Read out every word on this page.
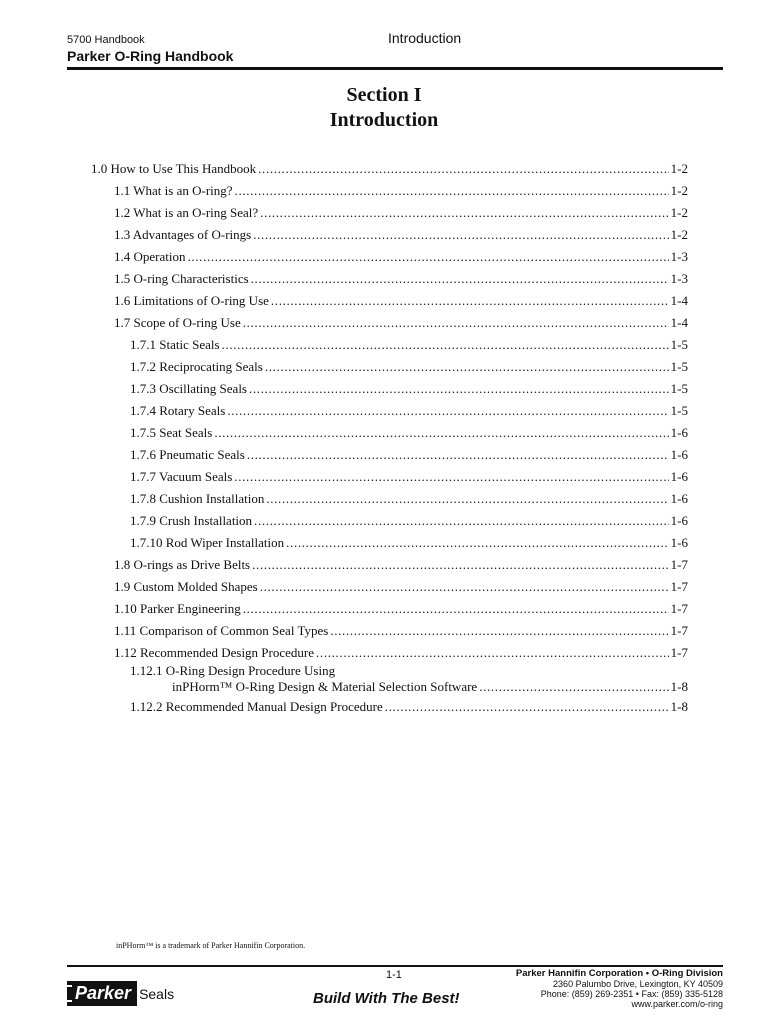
5700 Handbook	Introduction
Parker O-Ring Handbook
Section I
Introduction
1.0 How to Use This Handbook . . .	1-2
1.1 What is an O-ring? . . .	1-2
1.2 What is an O-ring Seal? . . .	1-2
1.3 Advantages of O-rings . . .	1-2
1.4 Operation . . .	1-3
1.5 O-ring Characteristics . . .	1-3
1.6 Limitations of O-ring Use . . .	1-4
1.7 Scope of O-ring Use . . .	1-4
1.7.1 Static Seals . . .	1-5
1.7.2 Reciprocating Seals . . .	1-5
1.7.3 Oscillating Seals . . .	1-5
1.7.4 Rotary Seals . . .	1-5
1.7.5 Seat Seals . . .	1-6
1.7.6 Pneumatic Seals . . .	1-6
1.7.7 Vacuum Seals . . .	1-6
1.7.8 Cushion Installation . . .	1-6
1.7.9 Crush Installation . . .	1-6
1.7.10 Rod Wiper Installation . . .	1-6
1.8 O-rings as Drive Belts . . .	1-7
1.9 Custom Molded Shapes . . .	1-7
1.10 Parker Engineering . . .	1-7
1.11 Comparison of Common Seal Types . . .	1-7
1.12 Recommended Design Procedure . . .	1-7
1.12.1 O-Ring Design Procedure Using
inPHorm™ O-Ring Design & Material Selection Software . . .	1-8
1.12.2 Recommended Manual Design Procedure . . .	1-8
inPHorm™ is a trademark of Parker Hannifin Corporation.
Parker Seals
1-1
Build With The Best!
Parker Hannifin Corporation • O-Ring Division
2360 Palumbo Drive, Lexington, KY 40509
Phone: (859) 269-2351 • Fax: (859) 335-5128
www.parker.com/o-ring
